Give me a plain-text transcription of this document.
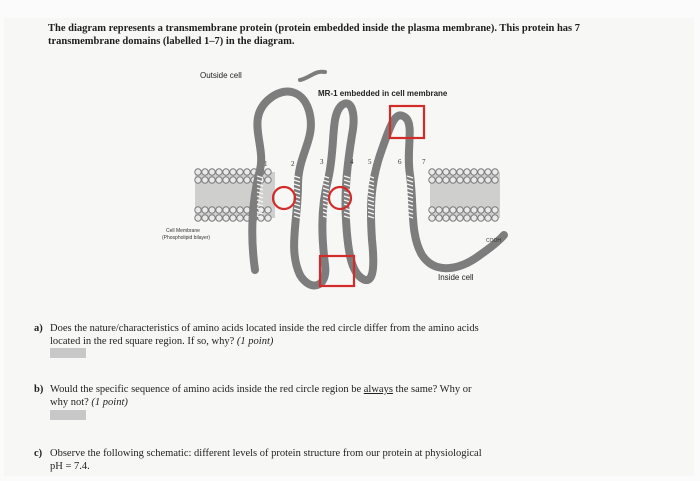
The diagram represents a transmembrane protein (protein embedded inside the plasma membrane). This protein has 7 transmembrane domains (labelled 1–7) in the diagram.
1	2	3	4 5	6	7
Outside cell
MR-1 embedded in cell membrane
Cell Membrane
(Phospholipid bilayer)	COOH
Inside cell
a) Does the nature/characteristics of amino acids located inside the red circle differ from the amino acids
located in the red square region. If so, why? (1 point)
b) Would the specific sequence of amino acids inside the red circle region be always the same? Why or
why not? (1 point)
c) Observe the following schematic: different levels of protein structure from our protein at physiological
pH = 7.4.
